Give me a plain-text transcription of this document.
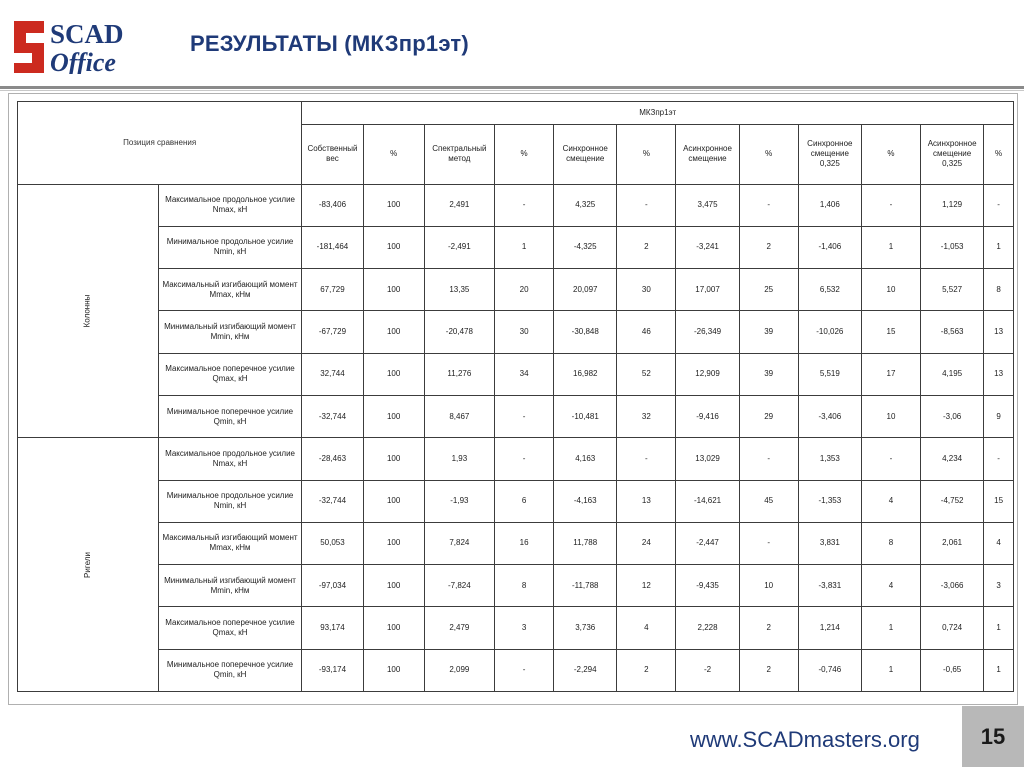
SCAD
Office
РЕЗУЛЬТАТЫ (МКЗпр1эт)
Позиция сравнения		МКЗпр1эт											
		Собственный вес	%	Спектральный метод	%	Синхронное смещение	%	Асинхронное смещение	%	Синхронное смещение 0,325	%	Асинхронное смещение 0,325	%
Колонны	Максимальное продольное усилие Nmax, кН	-83,406	100	2,491	-	4,325	-	3,475	-	1,406	-	1,129	-
	Минимальное продольное усилие Nmin, кН	-181,464	100	-2,491	1	-4,325	2	-3,241	2	-1,406	1	-1,053	1
	Максимальный изгибающий момент Mmax, кНм	67,729	100	13,35	20	20,097	30	17,007	25	6,532	10	5,527	8
	Минимальный изгибающий момент Mmin, кНм	-67,729	100	-20,478	30	-30,848	46	-26,349	39	-10,026	15	-8,563	13
	Максимальное поперечное усилие Qmax, кН	32,744	100	11,276	34	16,982	52	12,909	39	5,519	17	4,195	13
	Минимальное поперечное усилие Qmin, кН	-32,744	100	8,467	-	-10,481	32	-9,416	29	-3,406	10	-3,06	9
Ригели	Максимальное продольное усилие Nmax, кН	-28,463	100	1,93	-	4,163	-	13,029	-	1,353	-	4,234	-
	Минимальное продольное усилие Nmin, кН	-32,744	100	-1,93	6	-4,163	13	-14,621	45	-1,353	4	-4,752	15
	Максимальный изгибающий момент Mmax, кНм	50,053	100	7,824	16	11,788	24	-2,447	-	3,831	8	2,061	4
	Минимальный изгибающий момент Mmin, кНм	-97,034	100	-7,824	8	-11,788	12	-9,435	10	-3,831	4	-3,066	3
	Максимальное поперечное усилие Qmax, кН	93,174	100	2,479	3	3,736	4	2,228	2	1,214	1	0,724	1
	Минимальное поперечное усилие Qmin, кН	-93,174	100	2,099	-	-2,294	2	-2	2	-0,746	1	-0,65	1
www.SCADmasters.org	15
